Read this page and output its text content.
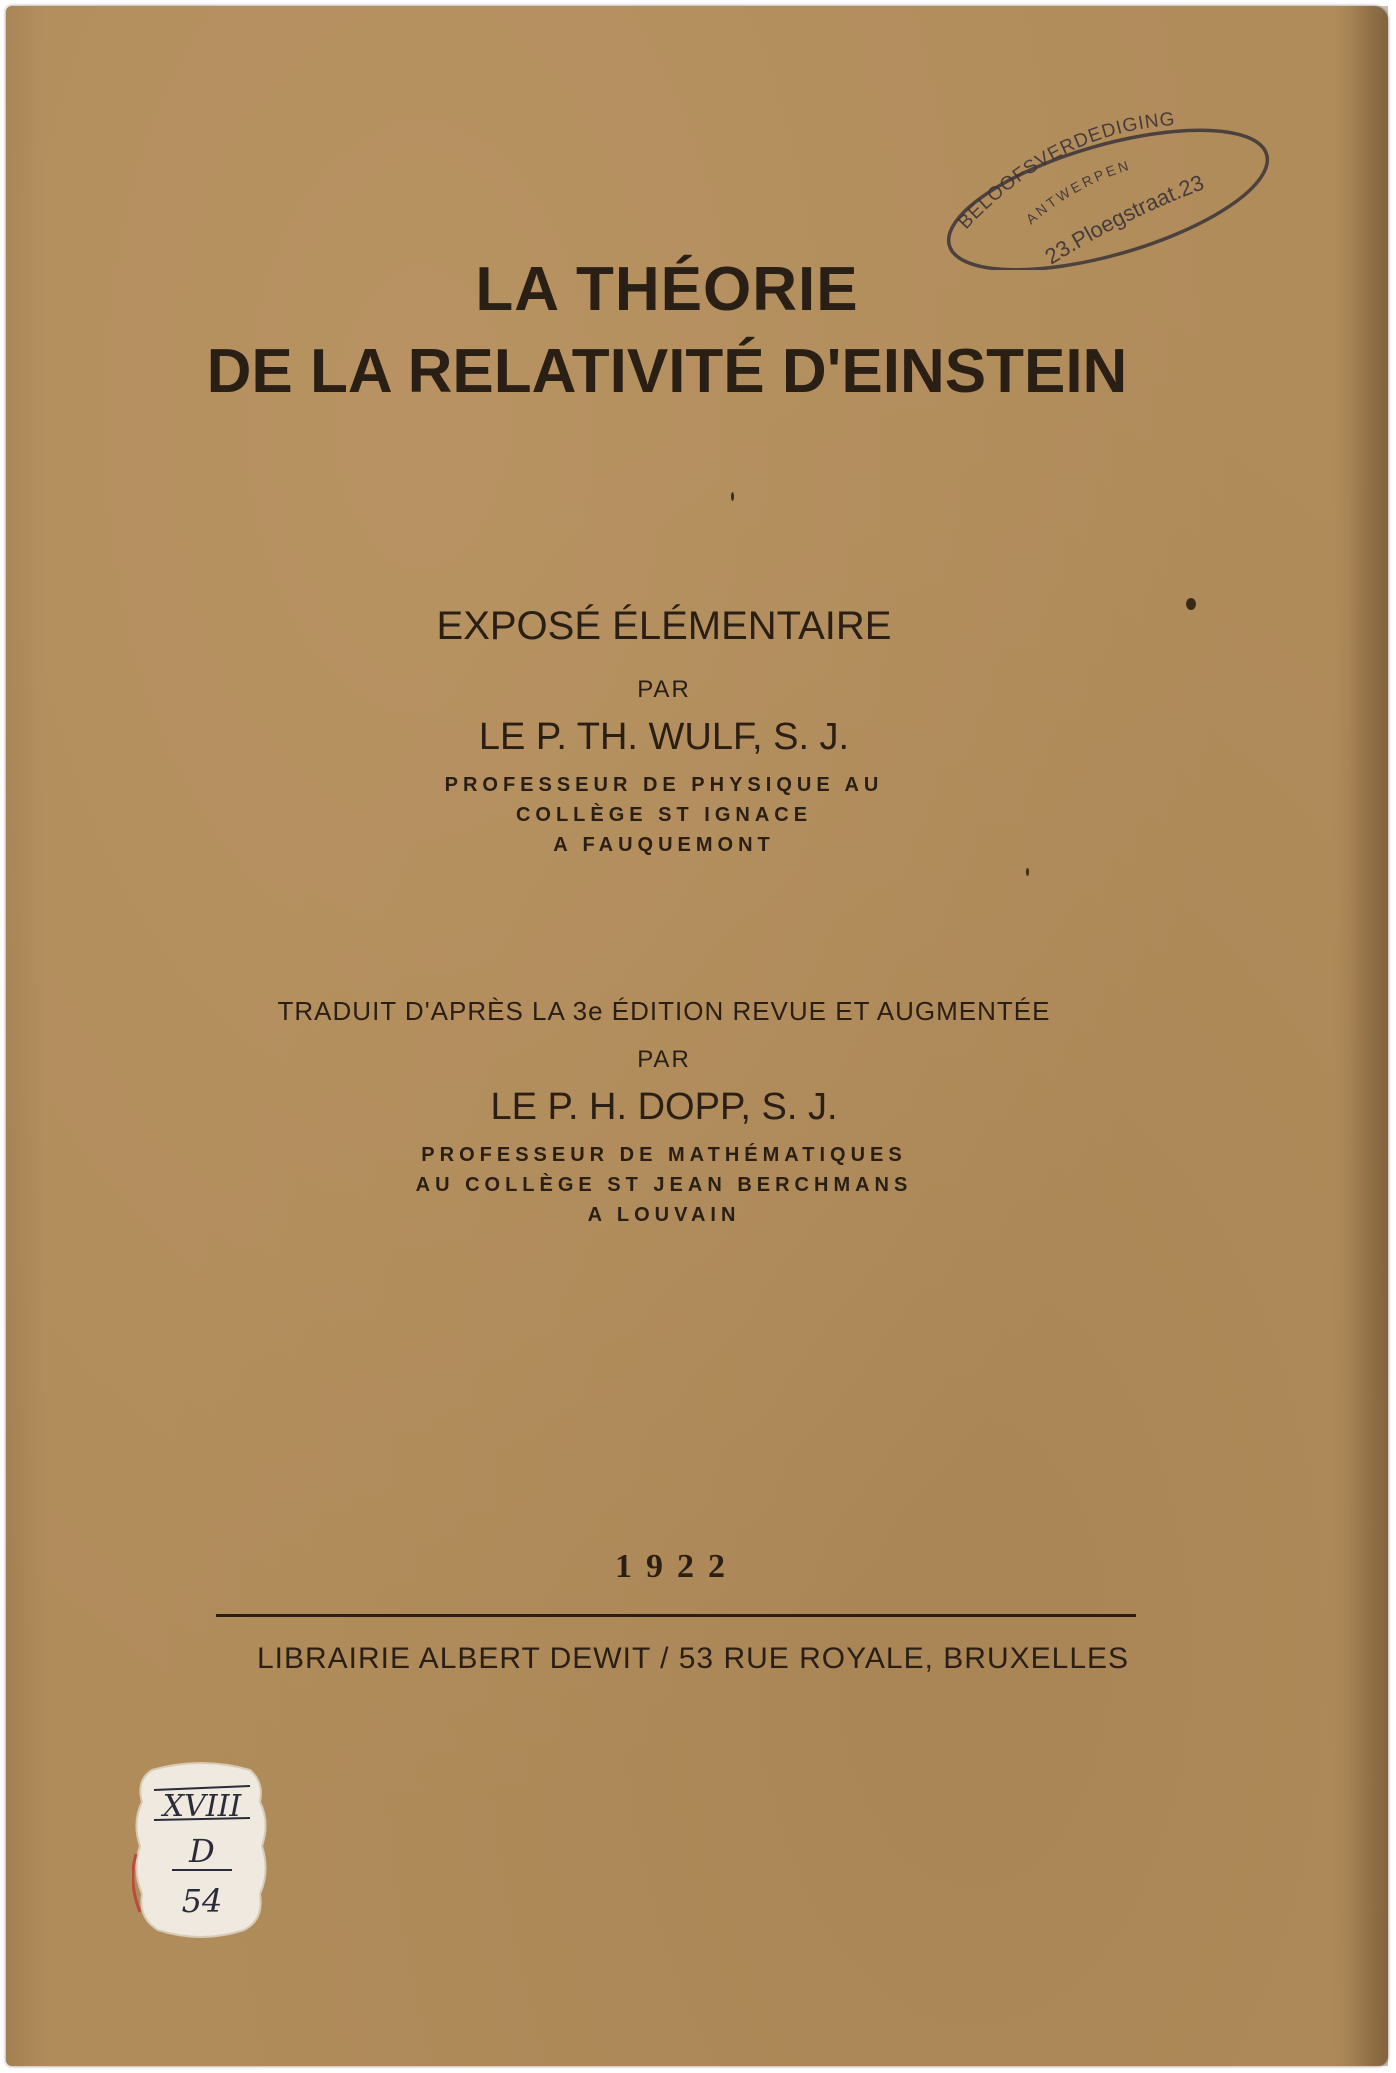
LA THÉORIE
DE LA RELATIVITÉ D'EINSTEIN
EXPOSÉ ÉLÉMENTAIRE
PAR
LE P. TH. WULF, S. J.
PROFESSEUR DE PHYSIQUE AU
COLLÈGE ST IGNACE
A FAUQUEMONT
TRADUIT D'APRÈS LA 3e ÉDITION REVUE ET AUGMENTÉE
PAR
LE P. H. DOPP, S. J.
PROFESSEUR DE MATHÉMATIQUES
AU COLLÈGE ST JEAN BERCHMANS
A LOUVAIN
1922
LIBRAIRIE ALBERT DEWIT / 53 RUE ROYALE, BRUXELLES
BELOOFSVERDEDIGING
ANTWERPEN
23.Ploegstraat.23
XVIII
D
54
